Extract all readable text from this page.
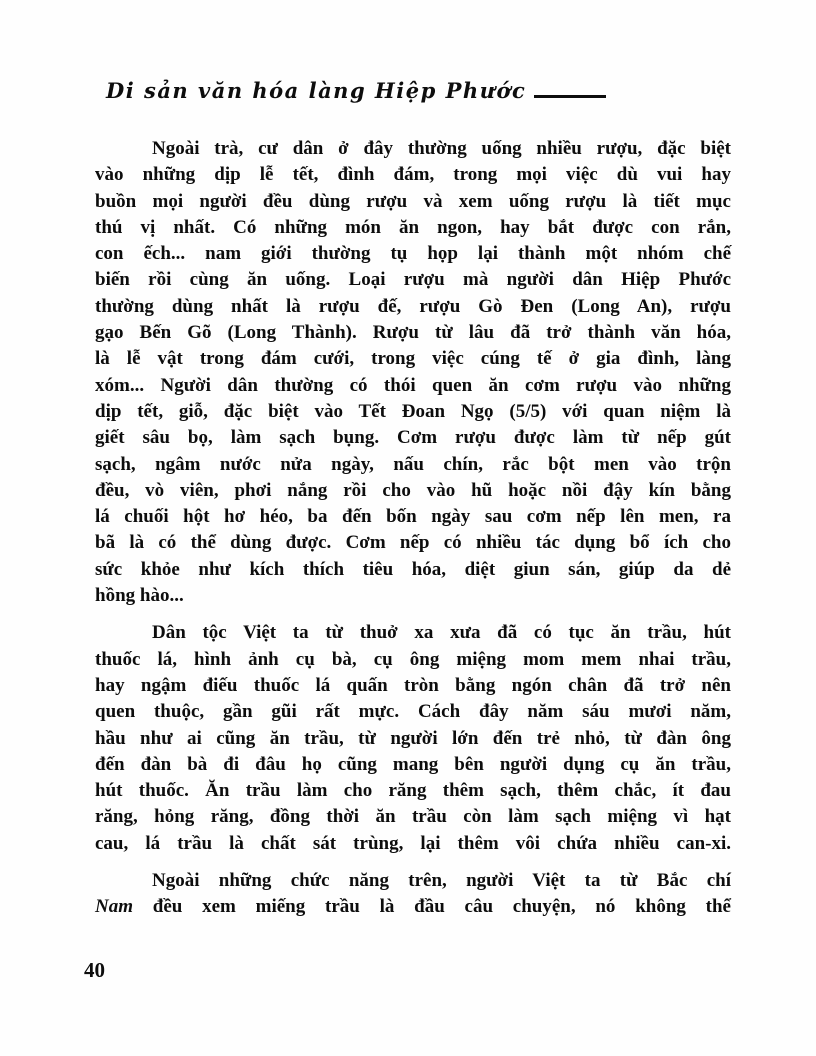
Di sản văn hóa làng Hiệp Phước
Ngoài trà, cư dân ở đây thường uống nhiều rượu, đặc biệt
vào những dịp lễ tết, đình đám, trong mọi việc dù vui hay
buồn mọi người đều dùng rượu và xem uống rượu là tiết mục
thú vị nhất. Có những món ăn ngon, hay bắt được con rắn,
con ếch... nam giới thường tụ họp lại thành một nhóm chế
biến rồi cùng ăn uống. Loại rượu mà người dân Hiệp Phước
thường dùng nhất là rượu đế, rượu Gò Đen (Long An), rượu
gạo Bến Gõ (Long Thành). Rượu từ lâu đã trở thành văn hóa,
là lễ vật trong đám cưới, trong việc cúng tế ở gia đình, làng
xóm... Người dân thường có thói quen ăn cơm rượu vào những
dịp tết, giỗ, đặc biệt vào Tết Đoan Ngọ (5/5) với quan niệm là
giết sâu bọ, làm sạch bụng. Cơm rượu được làm từ nếp gút
sạch, ngâm nước nửa ngày, nấu chín, rắc bột men vào trộn
đều, vò viên, phơi nắng rồi cho vào hũ hoặc nồi đậy kín bằng
lá chuối hột hơ héo, ba đến bốn ngày sau cơm nếp lên men, ra
bã là có thể dùng được. Cơm nếp có nhiều tác dụng bổ ích cho
sức khỏe như kích thích tiêu hóa, diệt giun sán, giúp da dẻ
hồng hào...
Dân tộc Việt ta từ thuở xa xưa đã có tục ăn trầu, hút
thuốc lá, hình ảnh cụ bà, cụ ông miệng mom mem nhai trầu,
hay ngậm điếu thuốc lá quấn tròn bằng ngón chân đã trở nên
quen thuộc, gần gũi rất mực. Cách đây năm sáu mươi năm,
hầu như ai cũng ăn trầu, từ người lớn đến trẻ nhỏ, từ đàn ông
đến đàn bà đi đâu họ cũng mang bên người dụng cụ ăn trầu,
hút thuốc. Ăn trầu làm cho răng thêm sạch, thêm chắc, ít đau
răng, hỏng răng, đồng thời ăn trầu còn làm sạch miệng vì hạt
cau, lá trầu là chất sát trùng, lại thêm vôi chứa nhiều can-xi.
Ngoài những chức năng trên, người Việt ta từ Bắc chí
Nam đều xem miếng trầu là đầu câu chuyện, nó không thể
40
